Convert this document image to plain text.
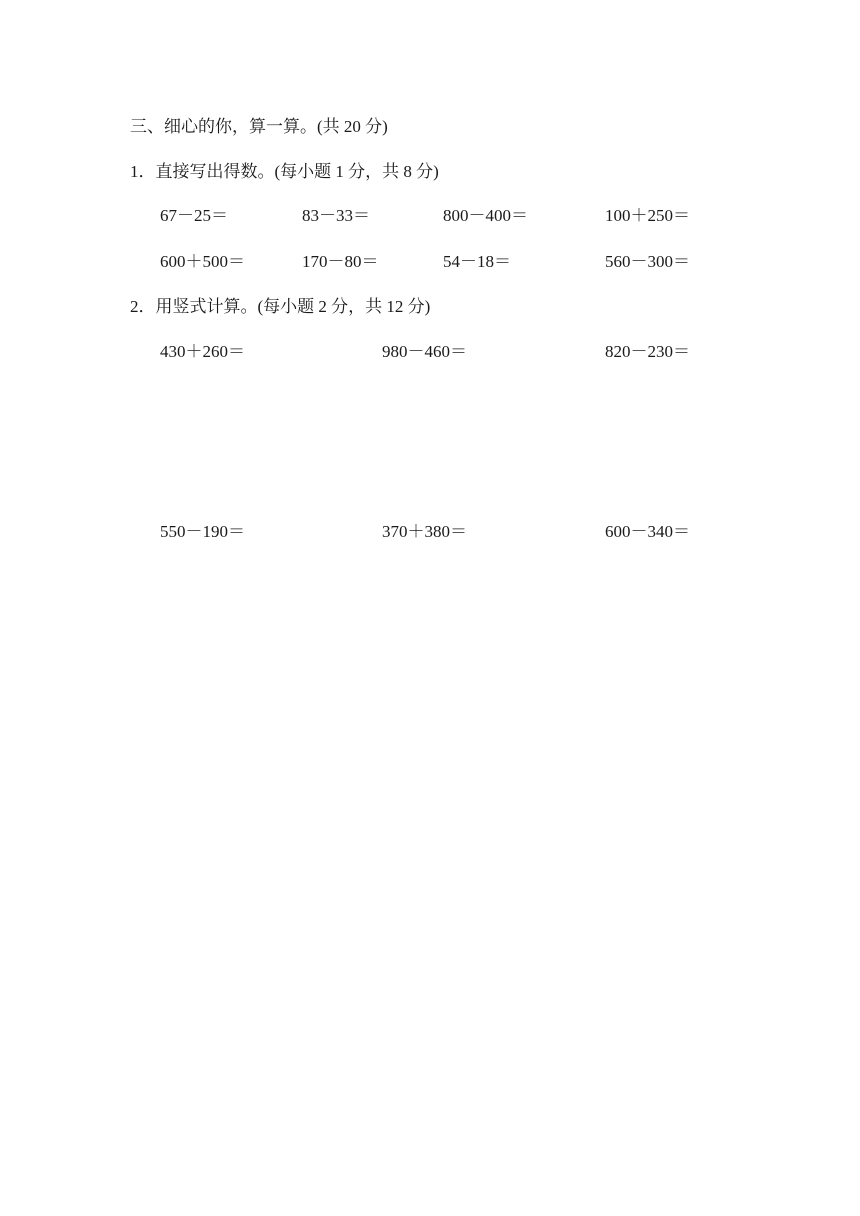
三、细心的你，算一算。(共 20 分)
1．直接写出得数。(每小题 1 分，共 8 分)
67－25＝	83－33＝	800－400＝	100＋250＝
600＋500＝	170－80＝	54－18＝	560－300＝
2．用竖式计算。(每小题 2 分，共 12 分)
430＋260＝	980－460＝	820－230＝
550－190＝	370＋380＝	600－340＝
